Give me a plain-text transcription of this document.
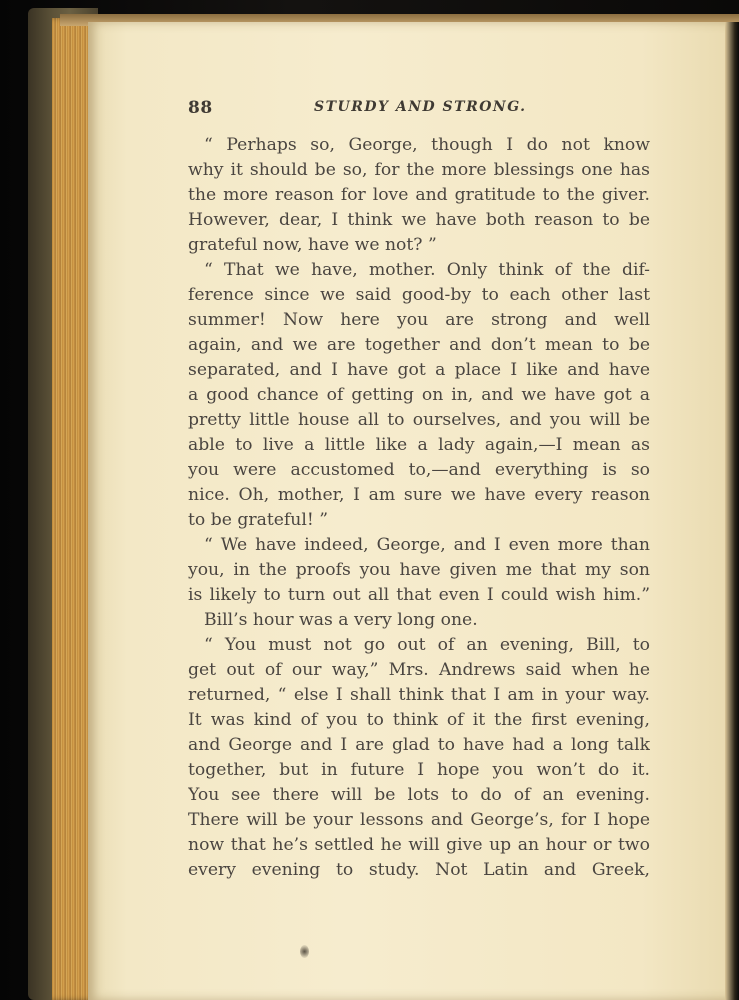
88	STURDY AND STRONG.
“ Perhaps so, George, though I do not know
why it should be so, for the more blessings one has
the more reason for love and gratitude to the giver.
However, dear, I think we have both reason to be
grateful now, have we not? ”
“ That we have, mother. Only think of the dif-
ference since we said good-by to each other last
summer! Now here you are strong and well
again, and we are together and don’t mean to be
separated, and I have got a place I like and have
a good chance of getting on in, and we have got a
pretty little house all to ourselves, and you will be
able to live a little like a lady again,—I mean as
you were accustomed to,—and everything is so
nice. Oh, mother, I am sure we have every reason
to be grateful! ”
“ We have indeed, George, and I even more than
you, in the proofs you have given me that my son
is likely to turn out all that even I could wish him.”
Bill’s hour was a very long one.
“ You must not go out of an evening, Bill, to
get out of our way,” Mrs. Andrews said when he
returned, “ else I shall think that I am in your way.
It was kind of you to think of it the first evening,
and George and I are glad to have had a long talk
together, but in future I hope you won’t do it.
You see there will be lots to do of an evening.
There will be your lessons and George’s, for I hope
now that he’s settled he will give up an hour or two
every evening to study. Not Latin and Greek,
